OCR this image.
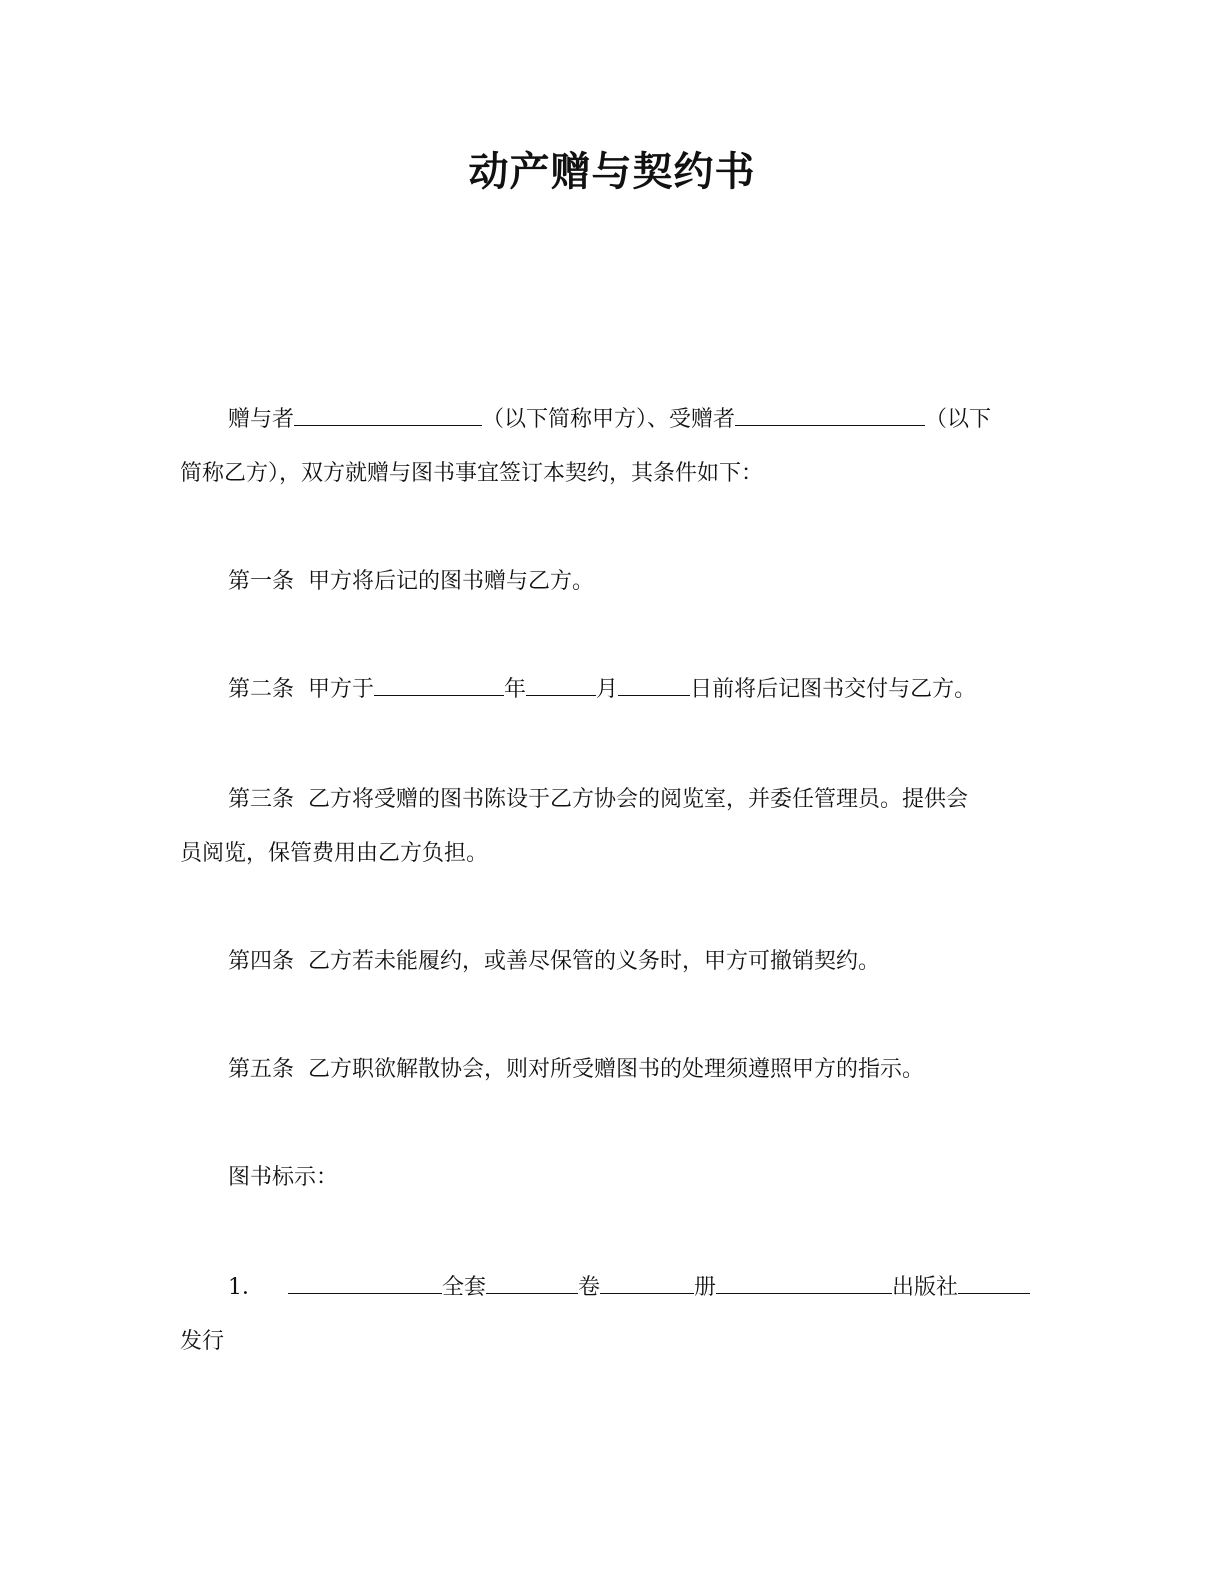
动产赠与契约书
赠与者	（以下简称甲方）、受赠者	（以下
简称乙方），双方就赠与图书事宜签订本契约，其条件如下：
第一条 甲方将后记的图书赠与乙方。
第二条 甲方于	年	月	日前将后记图书交付与乙方。
第三条 乙方将受赠的图书陈设于乙方协会的阅览室，并委任管理员。提供会
员阅览，保管费用由乙方负担。
第四条 乙方若未能履约，或善尽保管的义务时，甲方可撤销契约。
第五条 乙方职欲解散协会，则对所受赠图书的处理须遵照甲方的指示。
图书标示：
1．	全套	卷	册	出版社
发行
